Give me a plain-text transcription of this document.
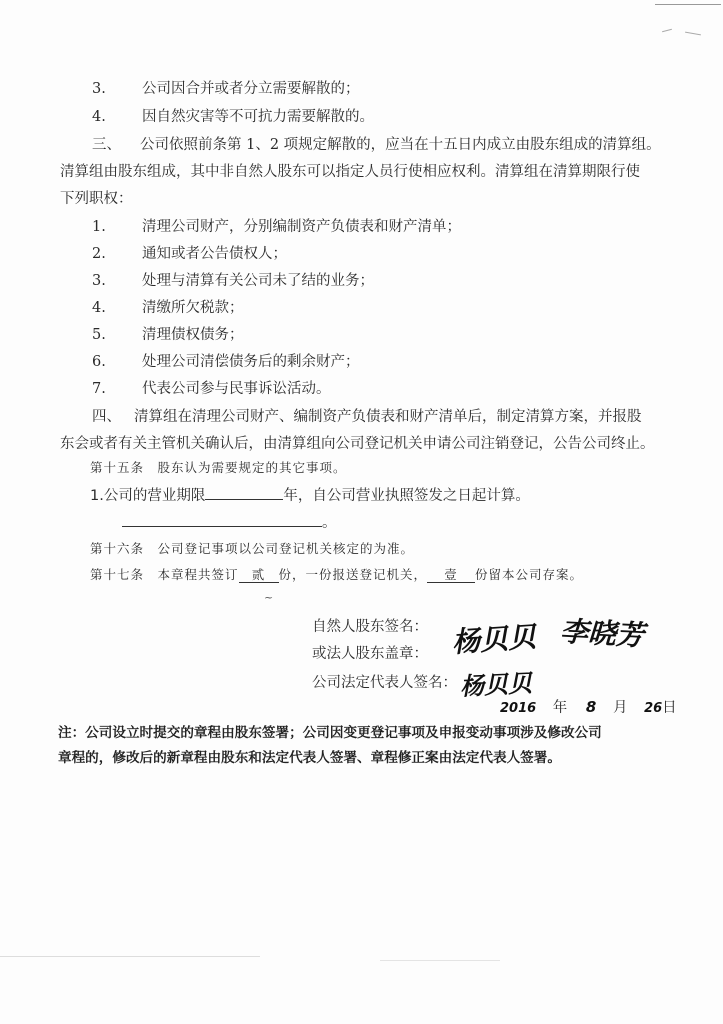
3. 公司因合并或者分立需要解散的；
4. 因自然灾害等不可抗力需要解散的。
三、 公司依照前条第 1、2 项规定解散的，应当在十五日内成立由股东组成的清算组。
清算组由股东组成，其中非自然人股东可以指定人员行使相应权利。清算组在清算期限行使
下列职权：
1. 清理公司财产，分别编制资产负债表和财产清单；
2. 通知或者公告债权人；
3. 处理与清算有关公司未了结的业务；
4. 清缴所欠税款；
5. 清理债权债务；
6. 处理公司清偿债务后的剩余财产；
7. 代表公司参与民事诉讼活动。
四、 清算组在清理公司财产、编制资产负债表和财产清单后，制定清算方案，并报股
东会或者有关主管机关确认后，由清算组向公司登记机关申请公司注销登记，公告公司终止。
第十五条　股东认为需要规定的其它事项。
1.公司的营业期限	年，自公司营业执照签发之日起计算。
。
第十六条　公司登记事项以公司登记机关核定的为准。
第十七条　本章程共签订 贰 份，一份报送登记机关， 壹 份留本公司存案。
~
自然人股东签名：
或法人股东盖章：
公司法定代表人签名：
杨贝贝 李晓芳
杨贝贝
2016 年 8 月 26日
注：公司设立时提交的章程由股东签署；公司因变更登记事项及申报变动事项涉及修改公司
章程的，修改后的新章程由股东和法定代表人签署、章程修正案由法定代表人签署。
